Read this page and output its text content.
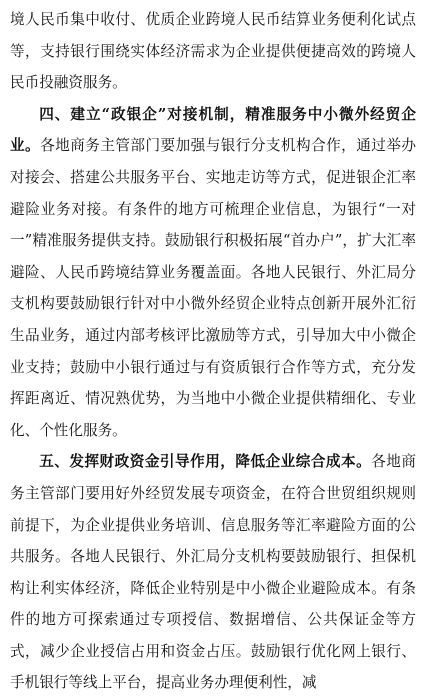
境人民币集中收付、优质企业跨境人民币结算业务便利化试点等，支持银行围绕实体经济需求为企业提供便捷高效的跨境人民币投融资服务。

四、建立“政银企”对接机制，精准服务中小微外经贸企业。各地商务主管部门要加强与银行分支机构合作，通过举办对接会、搭建公共服务平台、实地走访等方式，促进银企汇率避险业务对接。有条件的地方可梳理企业信息，为银行“一对一”精准服务提供支持。鼓励银行积极拓展“首办户”，扩大汇率避险、人民币跨境结算业务覆盖面。各地人民银行、外汇局分支机构要鼓励银行针对中小微外经贸企业特点创新开展外汇衍生品业务，通过内部考核评比激励等方式，引导加大中小微企业支持；鼓励中小银行通过与有资质银行合作等方式，充分发挥距离近、情况熟优势，为当地中小微企业提供精细化、专业化、个性化服务。

五、发挥财政资金引导作用，降低企业综合成本。各地商务主管部门要用好外经贸发展专项资金，在符合世贸组织规则前提下，为企业提供业务培训、信息服务等汇率避险方面的公共服务。各地人民银行、外汇局分支机构要鼓励银行、担保机构让利实体经济，降低企业特别是中小微企业避险成本。有条件的地方可探索通过专项授信、数据增信、公共保证金等方式，减少企业授信占用和资金占压。鼓励银行优化网上银行、手机银行等线上平台，提高业务办理便利性，减
